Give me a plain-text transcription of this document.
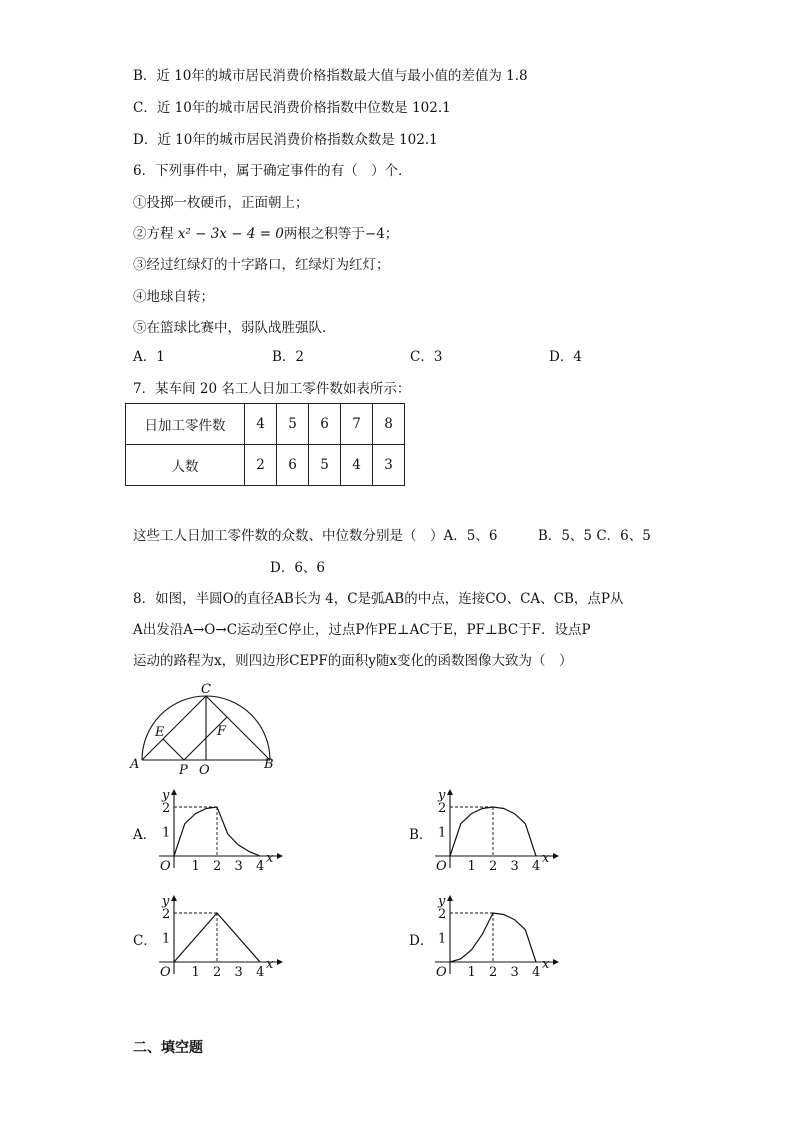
B．近 10年的城市居民消费价格指数最大值与最小值的差值为 1.8
C．近 10年的城市居民消费价格指数中位数是 102.1
D．近 10年的城市居民消费价格指数众数是 102.1
6．下列事件中，属于确定事件的有（　）个．
①投掷一枚硬币，正面朝上；
②方程 x² − 3x − 4 = 0两根之积等于−4；
③经过红绿灯的十字路口，红绿灯为红灯；
④地球自转；
⑤在篮球比赛中，弱队战胜强队．
A．1	B．2	C．3	D．4
7．某车间 20 名工人日加工零件数如表所示：
日加工零件数	4	5	6	7	8
人数	2	6	5	4	3
这些工人日加工零件数的众数、中位数分别是（　）A．5、6　　　B．5、5 C．6、5
D．6、6
8．如图，半圆O的直径AB长为 4，C是弧AB的中点，连接CO、CA、CB，点P从
A出发沿A→O→C运动至C停止，过点P作PE⊥AC于E，PF⊥BC于F．设点P
运动的路程为x，则四边形CEPF的面积y随x变化的函数图像大致为（　）
A	B
C
E	F
P O
A．	B．
C．	D．
1 2 3 4
1
2
O
y
x
1 2 3 4
1
2
O
y
x
1 2 3 4
1
2
O
y
x
1 2 3 4
1
2
O
y
x
二、填空题
